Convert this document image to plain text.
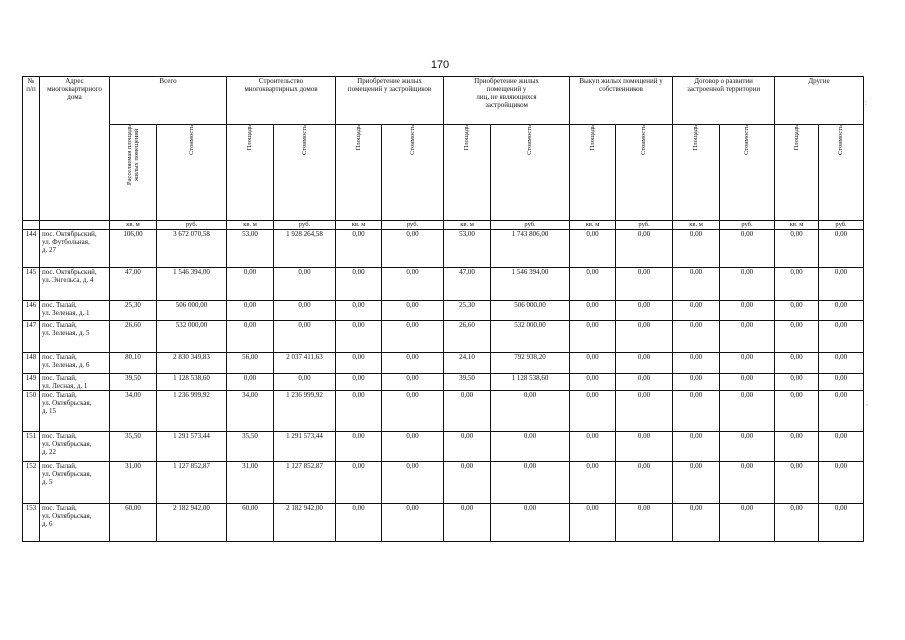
170
№
п/п	Адрес
многоквартирного
дома	Всего		Строительство
многоквартирных домов		Приобретение жилых
помещений у застройщиков		Приобретение жилых
помещений у
лиц, не являющихся
застройщиком		Выкуп жилых помещений у
собственников		Договор о развитии
застроенной территории		Другие	
		Расселяемая площадь
жилых помещений	Стоимость	Площадь	Стоимость	Площадь	Стоимость	Площадь	Стоимость	Площадь	Стоимость	Площадь	Стоимость	Площадь	Стоимость
		кв. м	руб.	кв. м	руб.	кв. м	руб.	кв. м	руб.	кв. м	руб.	кв. м	руб.	кв. м	руб.
144	пос. Октябрьский,
ул. Футбольная,
д. 27	106,00	3 672 070,58	53,00	1 928 264,58	0,00	0,00	53,00	1 743 806,00	0,00	0,00	0,00	0,00	0,00	0,00
145	пос. Октябрьский,
ул. Энгельса, д. 4	47,00	1 546 394,00	0,00	0,00	0,00	0,00	47,00	1 546 394,00	0,00	0,00	0,00	0,00	0,00	0,00
146	пос. Тылай,
ул. Зеленая, д. 1	25,30	506 000,00	0,00	0,00	0,00	0,00	25,30	506 000,00	0,00	0,00	0,00	0,00	0,00	0,00
147	пос. Тылай,
ул. Зеленая, д. 5	26,60	532 000,00	0,00	0,00	0,00	0,00	26,60	532 000,00	0,00	0,00	0,00	0,00	0,00	0,00
148	пос. Тылай,
ул. Зеленая, д. 6	80,10	2 830 349,83	56,00	2 037 411,63	0,00	0,00	24,10	792 938,20	0,00	0,00	0,00	0,00	0,00	0,00
149	пос. Тылай,
ул. Лесная, д. 1	39,50	1 128 538,60	0,00	0,00	0,00	0,00	39,50	1 128 538,60	0,00	0,00	0,00	0,00	0,00	0,00
150	пос. Тылай,
ул. Октябрьская,
д. 15	34,00	1 236 999,92	34,00	1 236 999,92	0,00	0,00	0,00	0,00	0,00	0,00	0,00	0,00	0,00	0,00
151	пос. Тылай,
ул. Октябрьская,
д. 22	35,50	1 291 573,44	35,50	1 291 573,44	0,00	0,00	0,00	0,00	0,00	0,00	0,00	0,00	0,00	0,00
152	пос. Тылай,
ул. Октябрьская,
д. 5	31,00	1 127 852,87	31,00	1 127 852,87	0,00	0,00	0,00	0,00	0,00	0,00	0,00	0,00	0,00	0,00
153	пос. Тылай,
ул. Октябрьская,
д. 6	60,00	2 182 942,00	60,00	2 182 942,00	0,00	0,00	0,00	0,00	0,00	0,00	0,00	0,00	0,00	0,00
:
,
